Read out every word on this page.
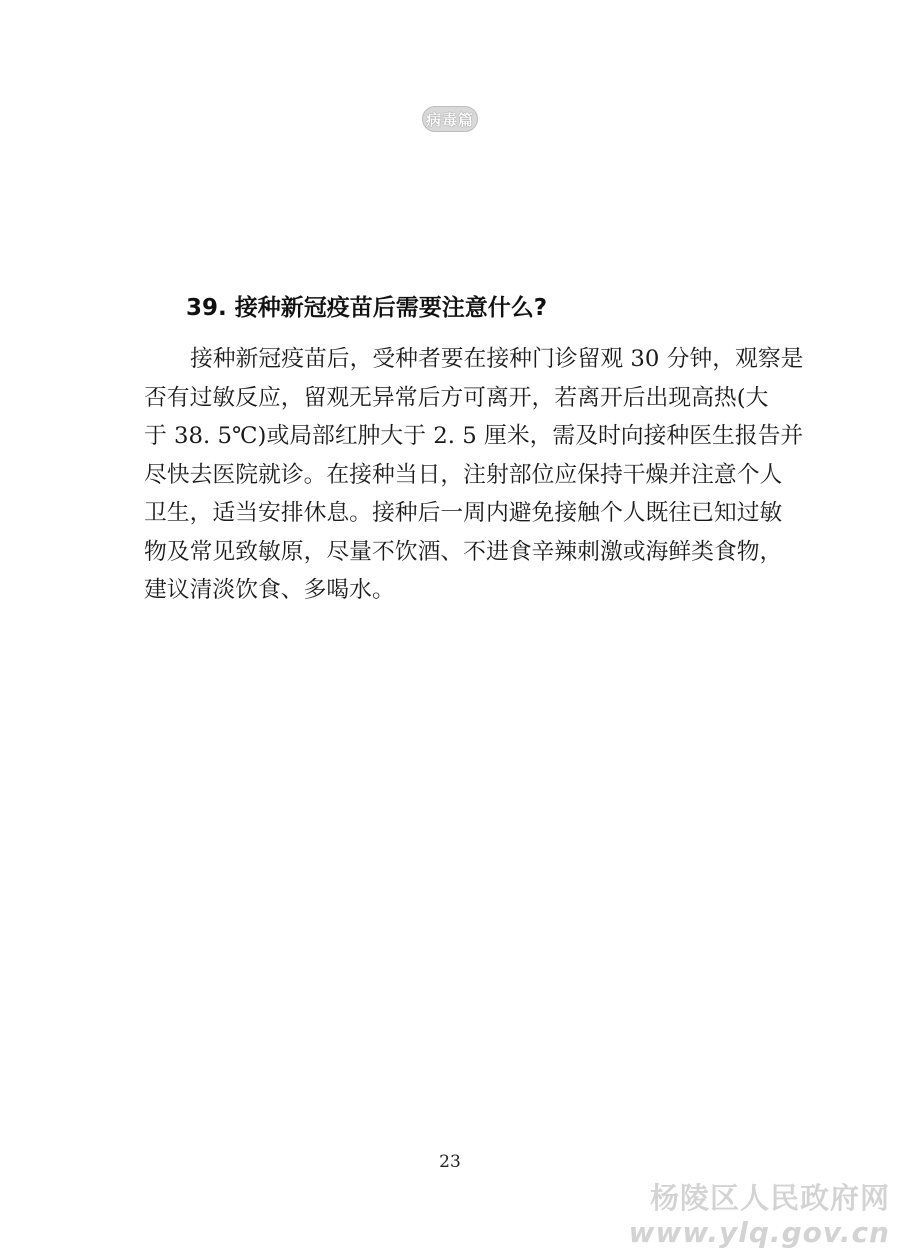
病毒篇
39. 接种新冠疫苗后需要注意什么?

接种新冠疫苗后，受种者要在接种门诊留观 30 分钟，观察是
否有过敏反应，留观无异常后方可离开，若离开后出现高热(大
于 38. 5℃)或局部红肿大于 2. 5 厘米，需及时向接种医生报告并
尽快去医院就诊。在接种当日，注射部位应保持干燥并注意个人
卫生，适当安排休息。接种后一周内避免接触个人既往已知过敏
物及常见致敏原，尽量不饮酒、不进食辛辣刺激或海鲜类食物，
建议清淡饮食、多喝水。

23
杨陵区人民政府网
www.ylq.gov.cn
